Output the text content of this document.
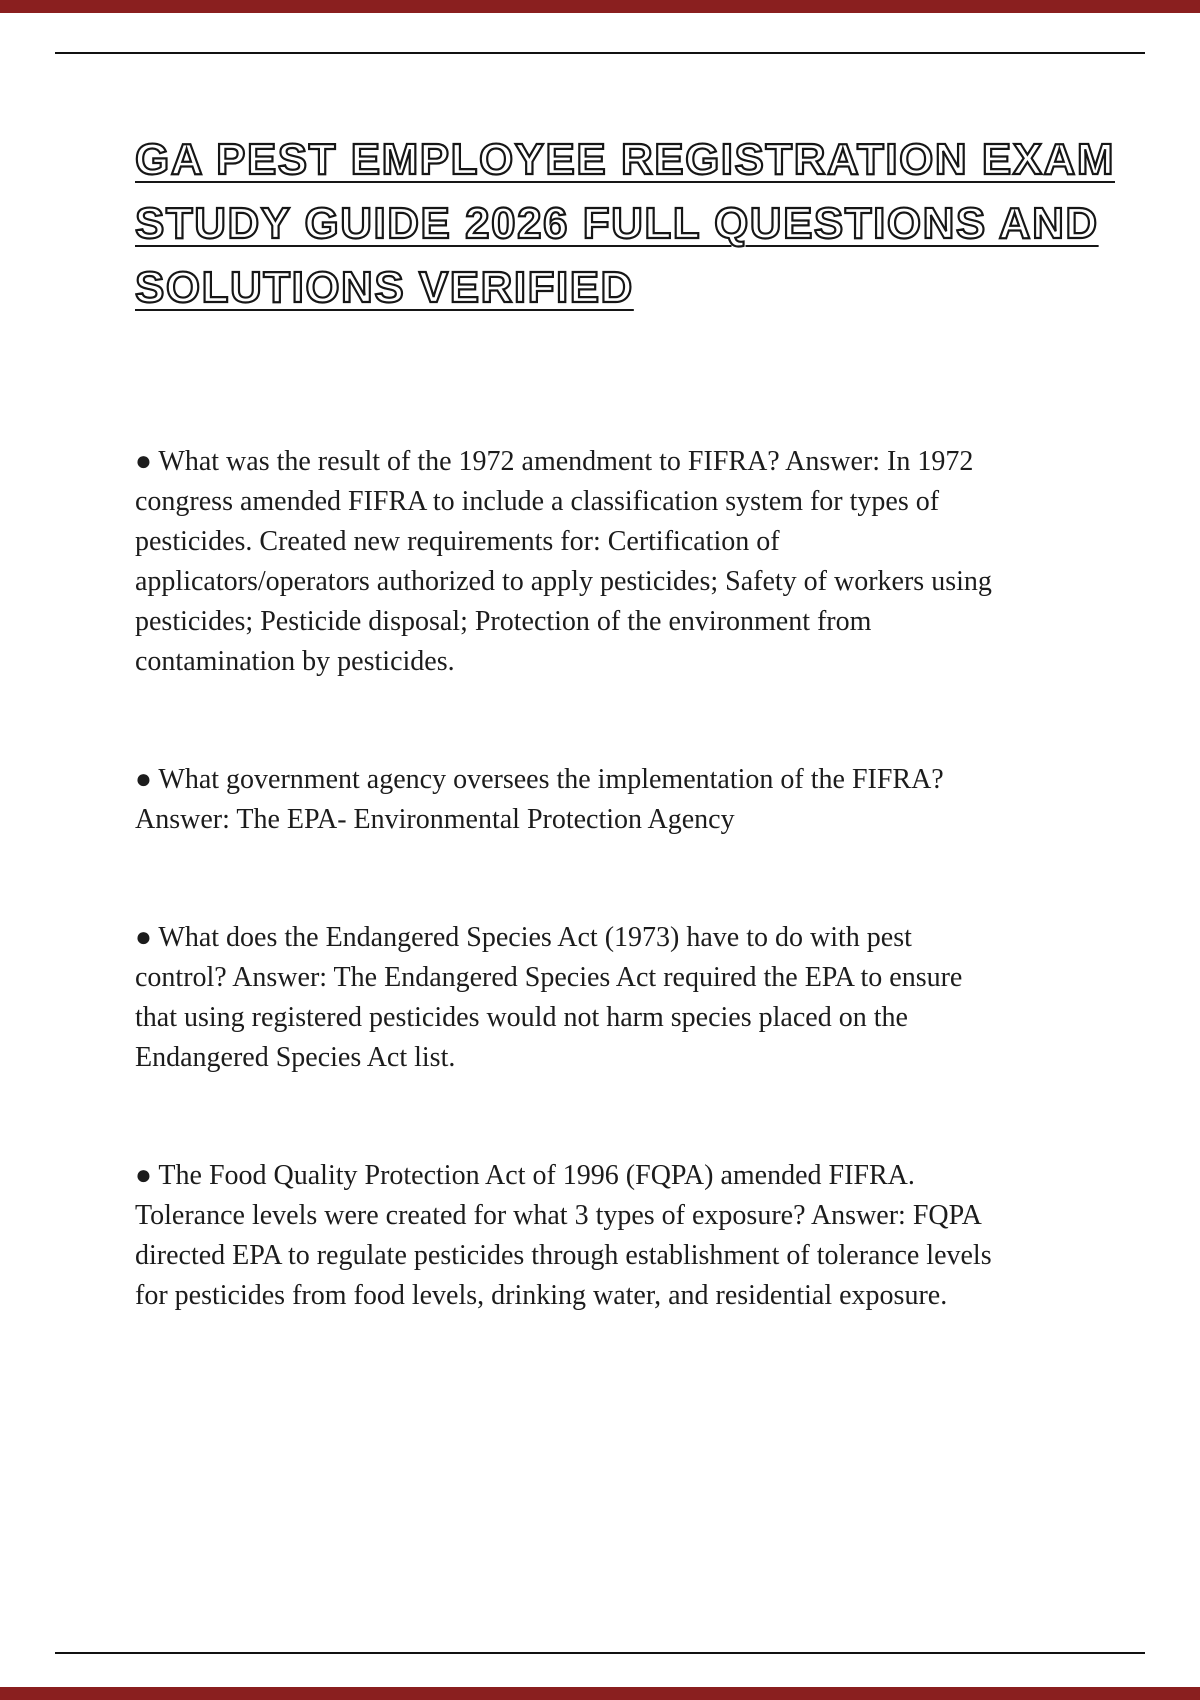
GA PEST EMPLOYEE REGISTRATION EXAM
STUDY GUIDE 2026 FULL QUESTIONS AND
SOLUTIONS VERIFIED

● What was the result of the 1972 amendment to FIFRA? Answer: In 1972 congress amended FIFRA to include a classification system for types of pesticides. Created new requirements for: Certification of applicators/operators authorized to apply pesticides; Safety of workers using pesticides; Pesticide disposal; Protection of the environment from contamination by pesticides.

● What government agency oversees the implementation of the FIFRA? Answer: The EPA- Environmental Protection Agency

● What does the Endangered Species Act (1973) have to do with pest control? Answer: The Endangered Species Act required the EPA to ensure that using registered pesticides would not harm species placed on the Endangered Species Act list.

● The Food Quality Protection Act of 1996 (FQPA) amended FIFRA. Tolerance levels were created for what 3 types of exposure? Answer: FQPA directed EPA to regulate pesticides through establishment of tolerance levels for pesticides from food levels, drinking water, and residential exposure.
